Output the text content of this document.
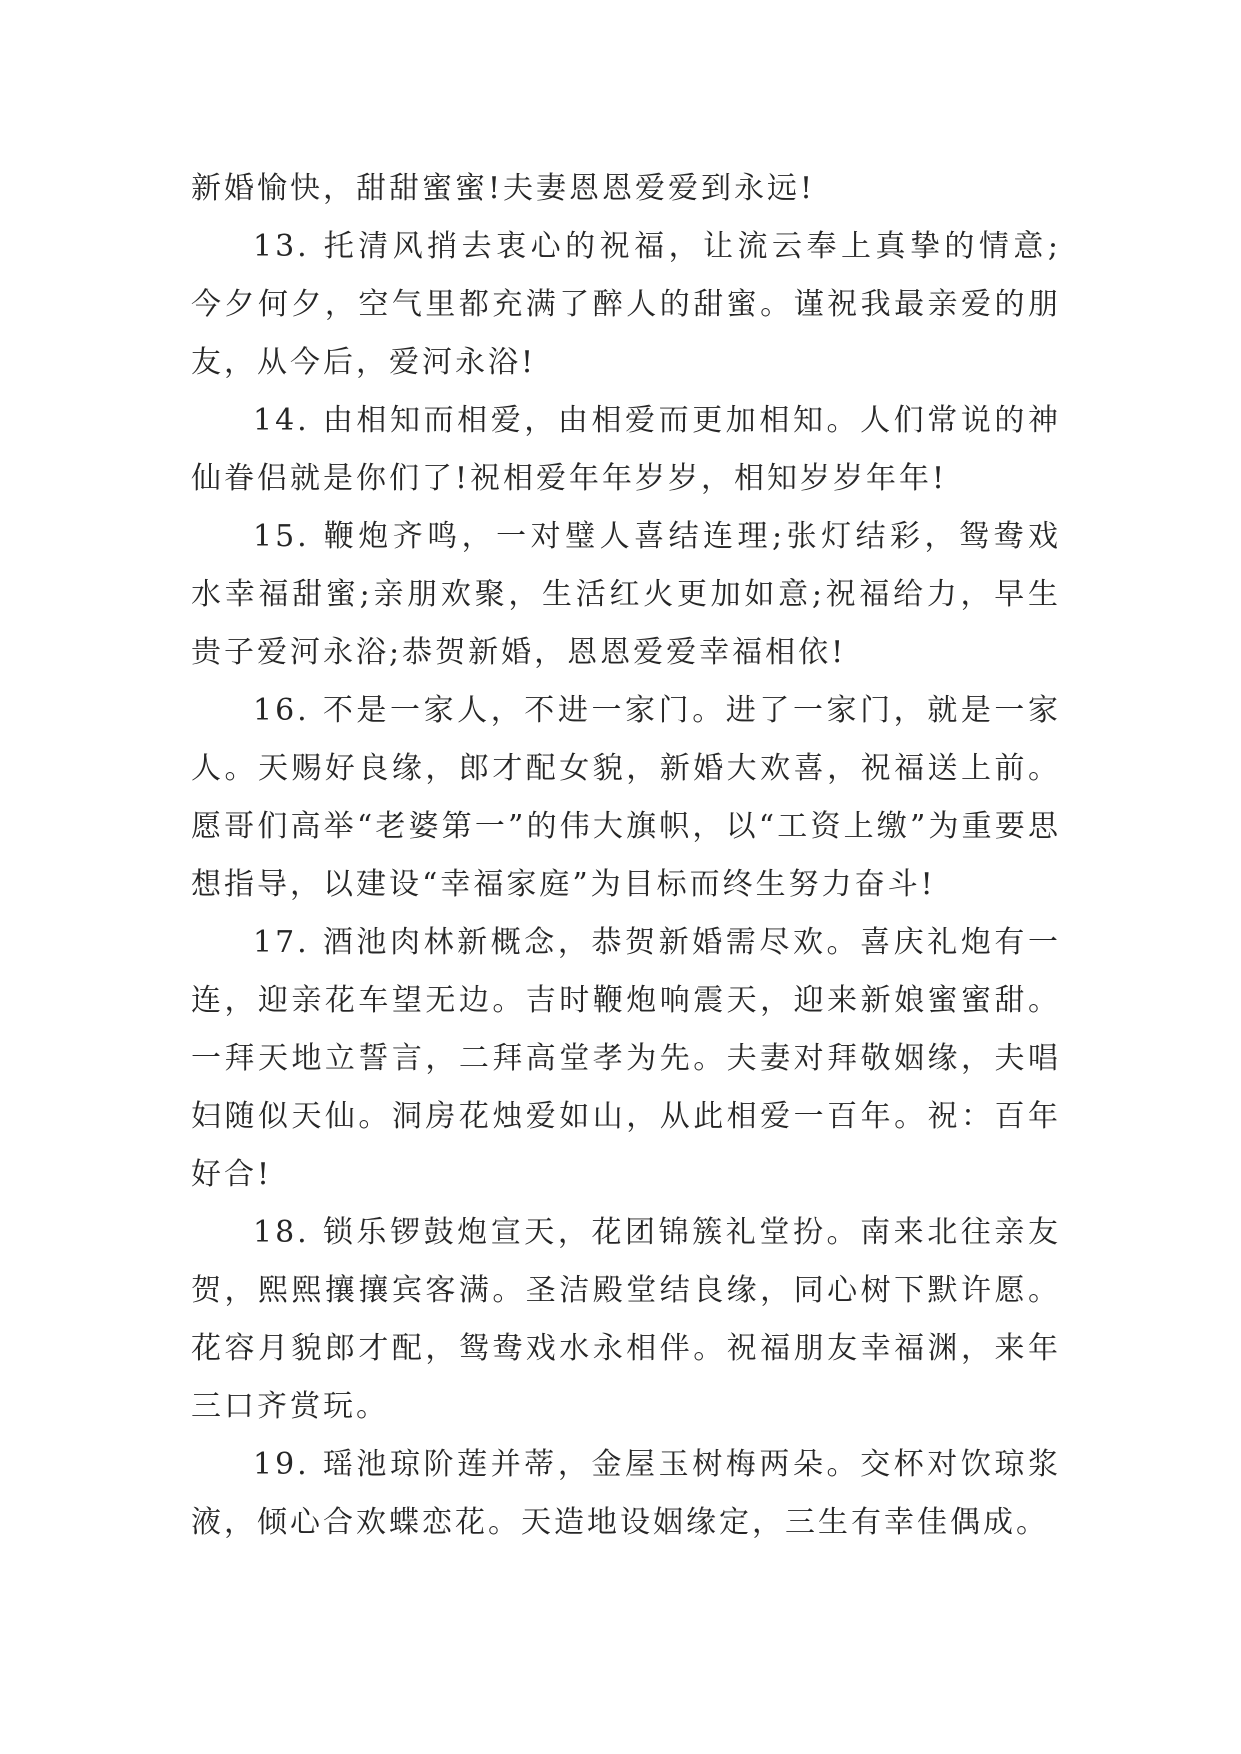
新婚愉快，甜甜蜜蜜!夫妻恩恩爱爱到永远!

13. 托清风捎去衷心的祝福，让流云奉上真挚的情意;今夕何夕，空气里都充满了醉人的甜蜜。谨祝我最亲爱的朋友，从今后，爱河永浴!

14. 由相知而相爱，由相爱而更加相知。人们常说的神仙眷侣就是你们了!祝相爱年年岁岁，相知岁岁年年!

15. 鞭炮齐鸣，一对璧人喜结连理;张灯结彩，鸳鸯戏水幸福甜蜜;亲朋欢聚，生活红火更加如意;祝福给力，早生贵子爱河永浴;恭贺新婚，恩恩爱爱幸福相依!

16. 不是一家人，不进一家门。进了一家门，就是一家人。天赐好良缘，郎才配女貌，新婚大欢喜，祝福送上前。愿哥们高举“老婆第一”的伟大旗帜，以“工资上缴”为重要思想指导，以建设“幸福家庭”为目标而终生努力奋斗!

17. 酒池肉林新概念，恭贺新婚需尽欢。喜庆礼炮有一连，迎亲花车望无边。吉时鞭炮响震天，迎来新娘蜜蜜甜。一拜天地立誓言，二拜高堂孝为先。夫妻对拜敬姻缘，夫唱妇随似天仙。洞房花烛爱如山，从此相爱一百年。祝：百年好合!

18. 锁乐锣鼓炮宣天，花团锦簇礼堂扮。南来北往亲友贺，熙熙攘攘宾客满。圣洁殿堂结良缘，同心树下默许愿。花容月貌郎才配，鸳鸯戏水永相伴。祝福朋友幸福渊，来年三口齐赏玩。

19. 瑶池琼阶莲并蒂，金屋玉树梅两朵。交杯对饮琼浆液，倾心合欢蝶恋花。天造地设姻缘定，三生有幸佳偶成。
